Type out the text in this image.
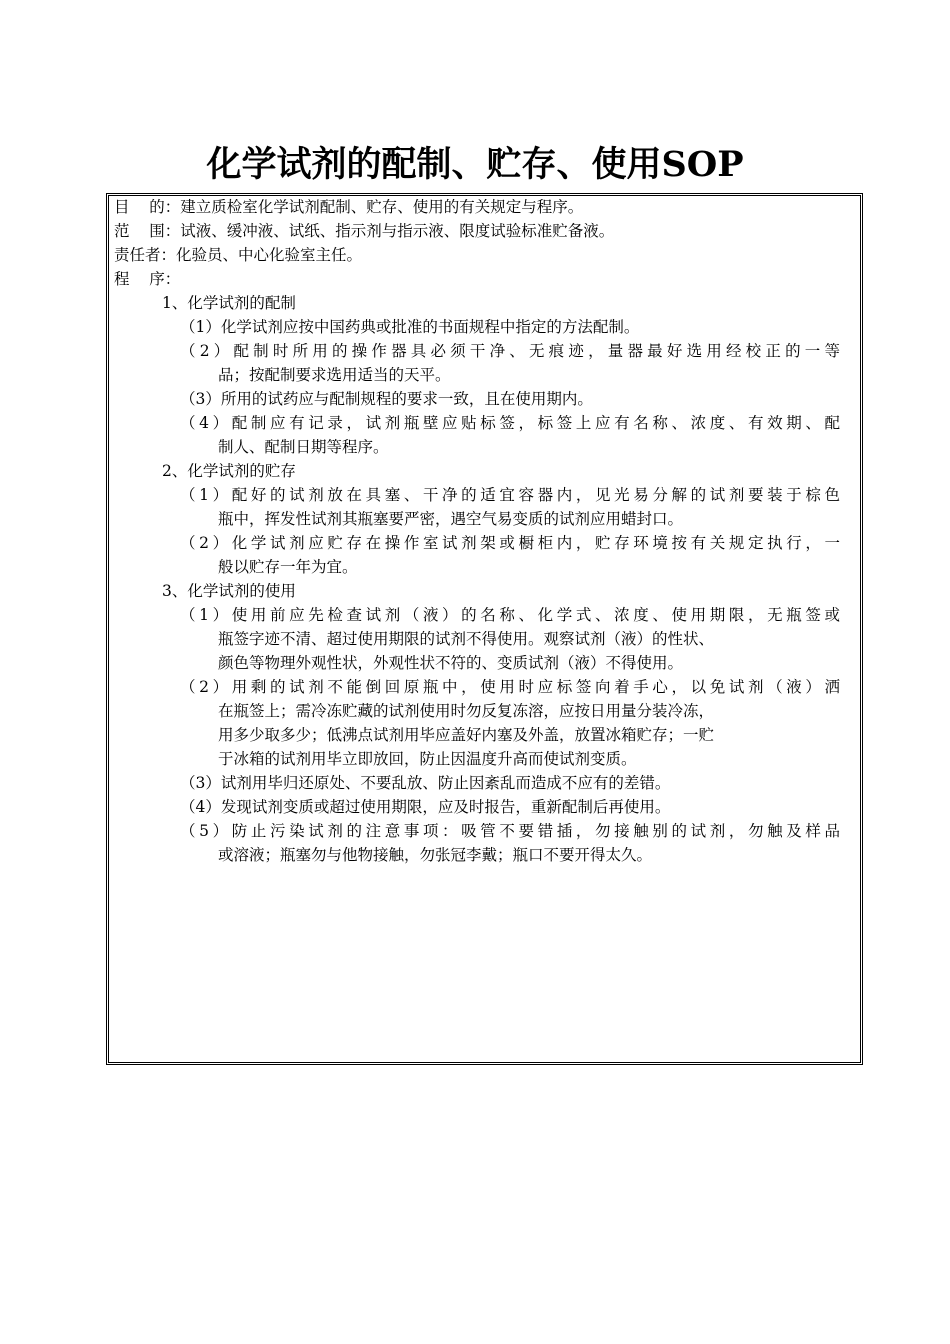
化学试剂的配制、贮存、使用SOP
目    的：建立质检室化学试剂配制、贮存、使用的有关规定与程序。
范    围：试液、缓冲液、试纸、指示剂与指示液、限度试验标准贮备液。
责任者：化验员、中心化验室主任。
程    序：
1、化学试剂的配制
（1）化学试剂应按中国药典或批准的书面规程中指定的方法配制。
（2）配制时所用的操作器具必须干净、无痕迹，量器最好选用经校正的一等
品；按配制要求选用适当的天平。
（3）所用的试药应与配制规程的要求一致，且在使用期内。
（4）配制应有记录，试剂瓶壁应贴标签，标签上应有名称、浓度、有效期、配
制人、配制日期等程序。
2、化学试剂的贮存
（1）配好的试剂放在具塞、干净的适宜容器内，见光易分解的试剂要装于棕色
瓶中，挥发性试剂其瓶塞要严密，遇空气易变质的试剂应用蜡封口。
（2）化学试剂应贮存在操作室试剂架或橱柜内，贮存环境按有关规定执行，一
般以贮存一年为宜。
3、化学试剂的使用
（1）使用前应先检查试剂（液）的名称、化学式、浓度、使用期限，无瓶签或
瓶签字迹不清、超过使用期限的试剂不得使用。观察试剂（液）的性状、
颜色等物理外观性状，外观性状不符的、变质试剂（液）不得使用。
（2）用剩的试剂不能倒回原瓶中，使用时应标签向着手心，以免试剂（液）洒
在瓶签上；需冷冻贮藏的试剂使用时勿反复冻溶，应按日用量分装冷冻，
用多少取多少；低沸点试剂用毕应盖好内塞及外盖，放置冰箱贮存；一贮
于冰箱的试剂用毕立即放回，防止因温度升高而使试剂变质。
（3）试剂用毕归还原处、不要乱放、防止因紊乱而造成不应有的差错。
（4）发现试剂变质或超过使用期限，应及时报告，重新配制后再使用。
（5）防止污染试剂的注意事项：吸管不要错插，勿接触别的试剂，勿触及样品
或溶液；瓶塞勿与他物接触，勿张冠李戴；瓶口不要开得太久。
